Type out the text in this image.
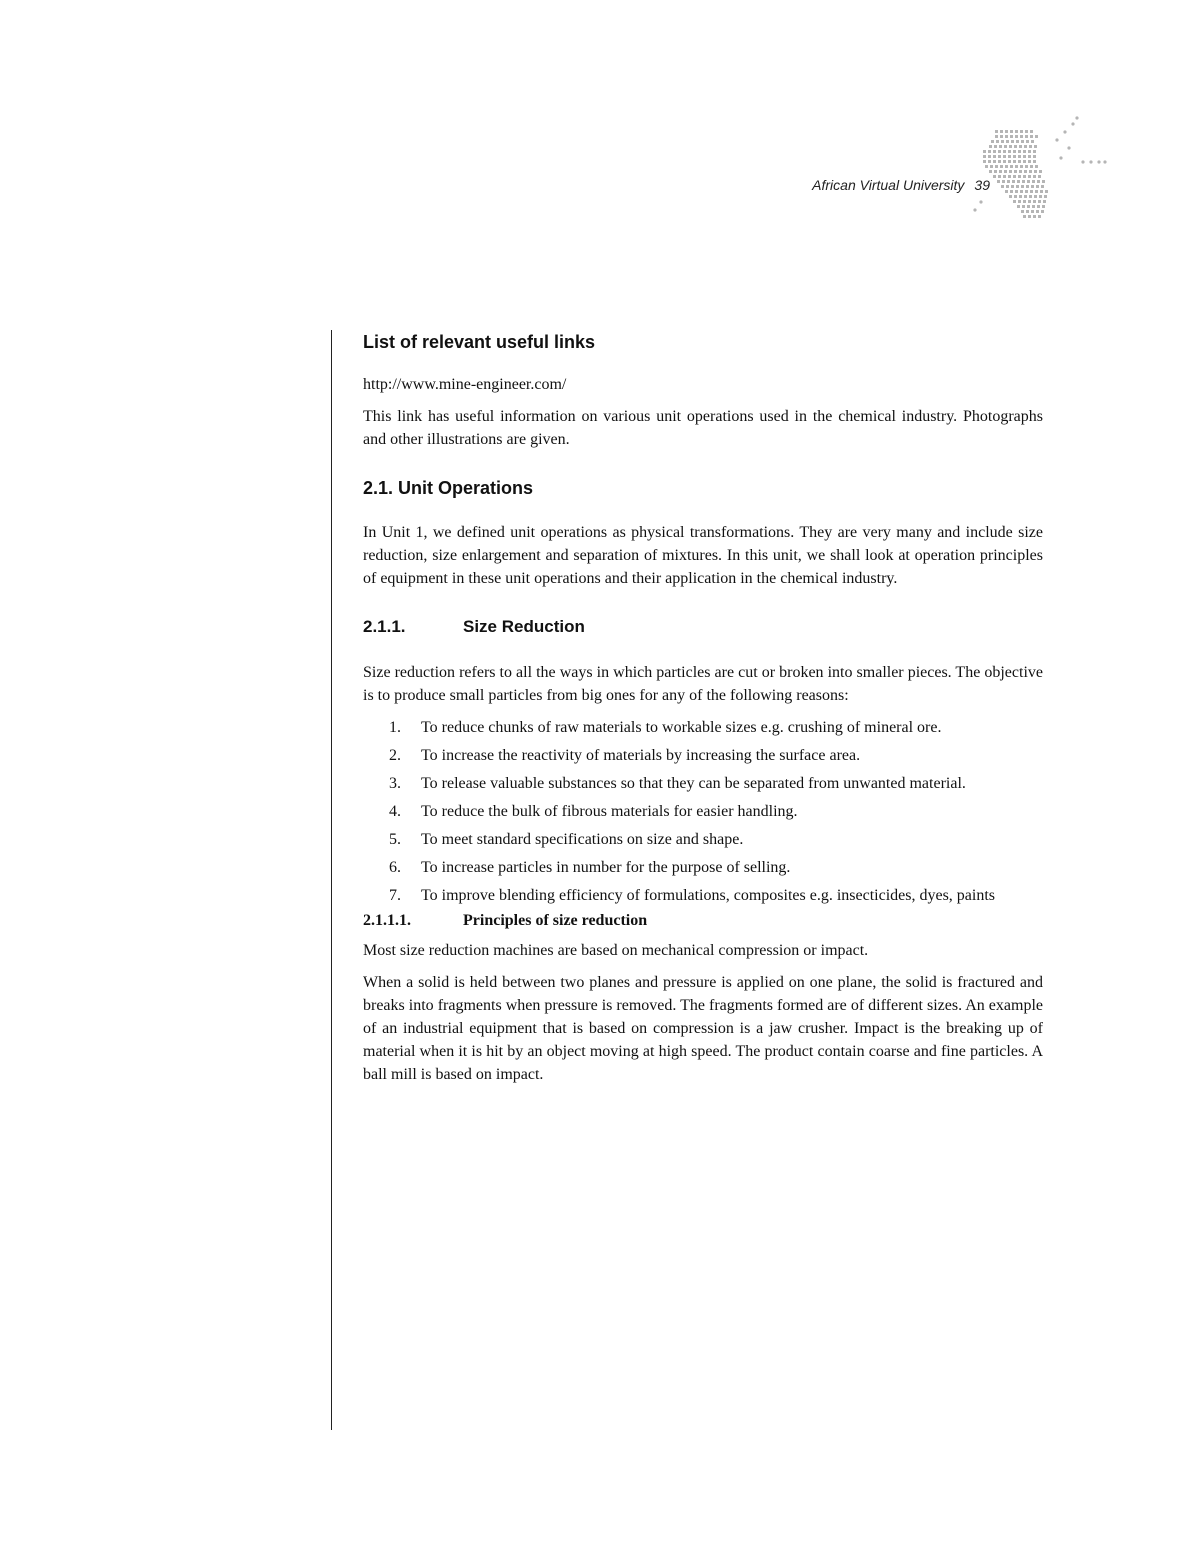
African Virtual University 39
List of relevant useful links

http://www.mine-engineer.com/

This link has useful information on various unit operations used in the chemical industry. Photographs and other illustrations are given.

2.1. Unit Operations

In Unit 1, we defined unit operations as physical transformations. They are very many and include size reduction, size enlargement and separation of mixtures. In this unit, we shall look at operation principles of equipment in these unit operations and their application in the chemical industry.

2.1.1.	Size Reduction

Size reduction refers to all the ways in which particles are cut or broken into smaller pieces. The objective is to produce small particles from big ones for any of the following reasons:

1. To reduce chunks of raw materials to workable sizes e.g. crushing of mineral ore.
2. To increase the reactivity of materials by increasing the surface area.
3. To release valuable substances so that they can be separated from unwanted material.
4. To reduce the bulk of fibrous materials for easier handling.
5. To meet standard specifications on size and shape.
6. To increase particles in number for the purpose of selling.
7. To improve blending efficiency of formulations, composites e.g. insecticides, dyes, paints
2.1.1.1.	Principles of size reduction

Most size reduction machines are based on mechanical compression or impact.

When a solid is held between two planes and pressure is applied on one plane, the solid is fractured and breaks into fragments when pressure is removed. The fragments formed are of different sizes. An example of an industrial equipment that is based on compression is a jaw crusher. Impact is the breaking up of material when it is hit by an object moving at high speed. The product contain coarse and fine particles. A ball mill is based on impact.
